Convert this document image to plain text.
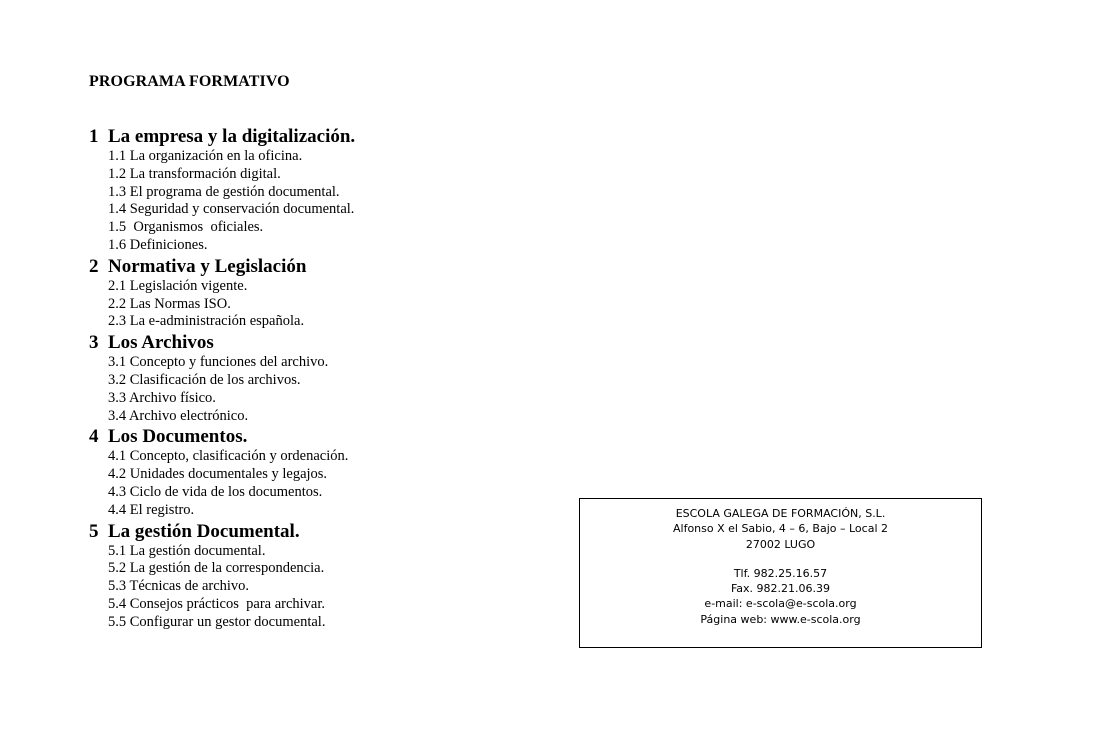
PROGRAMA FORMATIVO
1 La empresa y la digitalización.
1.1 La organización en la oficina.
1.2 La transformación digital.
1.3 El programa de gestión documental.
1.4 Seguridad y conservación documental.
1.5  Organismos  oficiales.
1.6 Definiciones.
2 Normativa y Legislación
2.1 Legislación vigente.
2.2 Las Normas ISO.
2.3 La e-administración española.
3 Los Archivos
3.1 Concepto y funciones del archivo.
3.2 Clasificación de los archivos.
3.3 Archivo físico.
3.4 Archivo electrónico.
4 Los Documentos.
4.1 Concepto, clasificación y ordenación.
4.2 Unidades documentales y legajos.
4.3 Ciclo de vida de los documentos.
4.4 El registro.
5 La gestión Documental.
5.1 La gestión documental.
5.2 La gestión de la correspondencia.
5.3 Técnicas de archivo.
5.4 Consejos prácticos  para archivar.
5.5 Configurar un gestor documental.
ESCOLA GALEGA DE FORMACIÓN, S.L.
Alfonso X el Sabio, 4 – 6, Bajo – Local 2
27002 LUGO
Tlf. 982.25.16.57
Fax. 982.21.06.39
e-mail: e-scola@e-scola.org
Página web: www.e-scola.org
